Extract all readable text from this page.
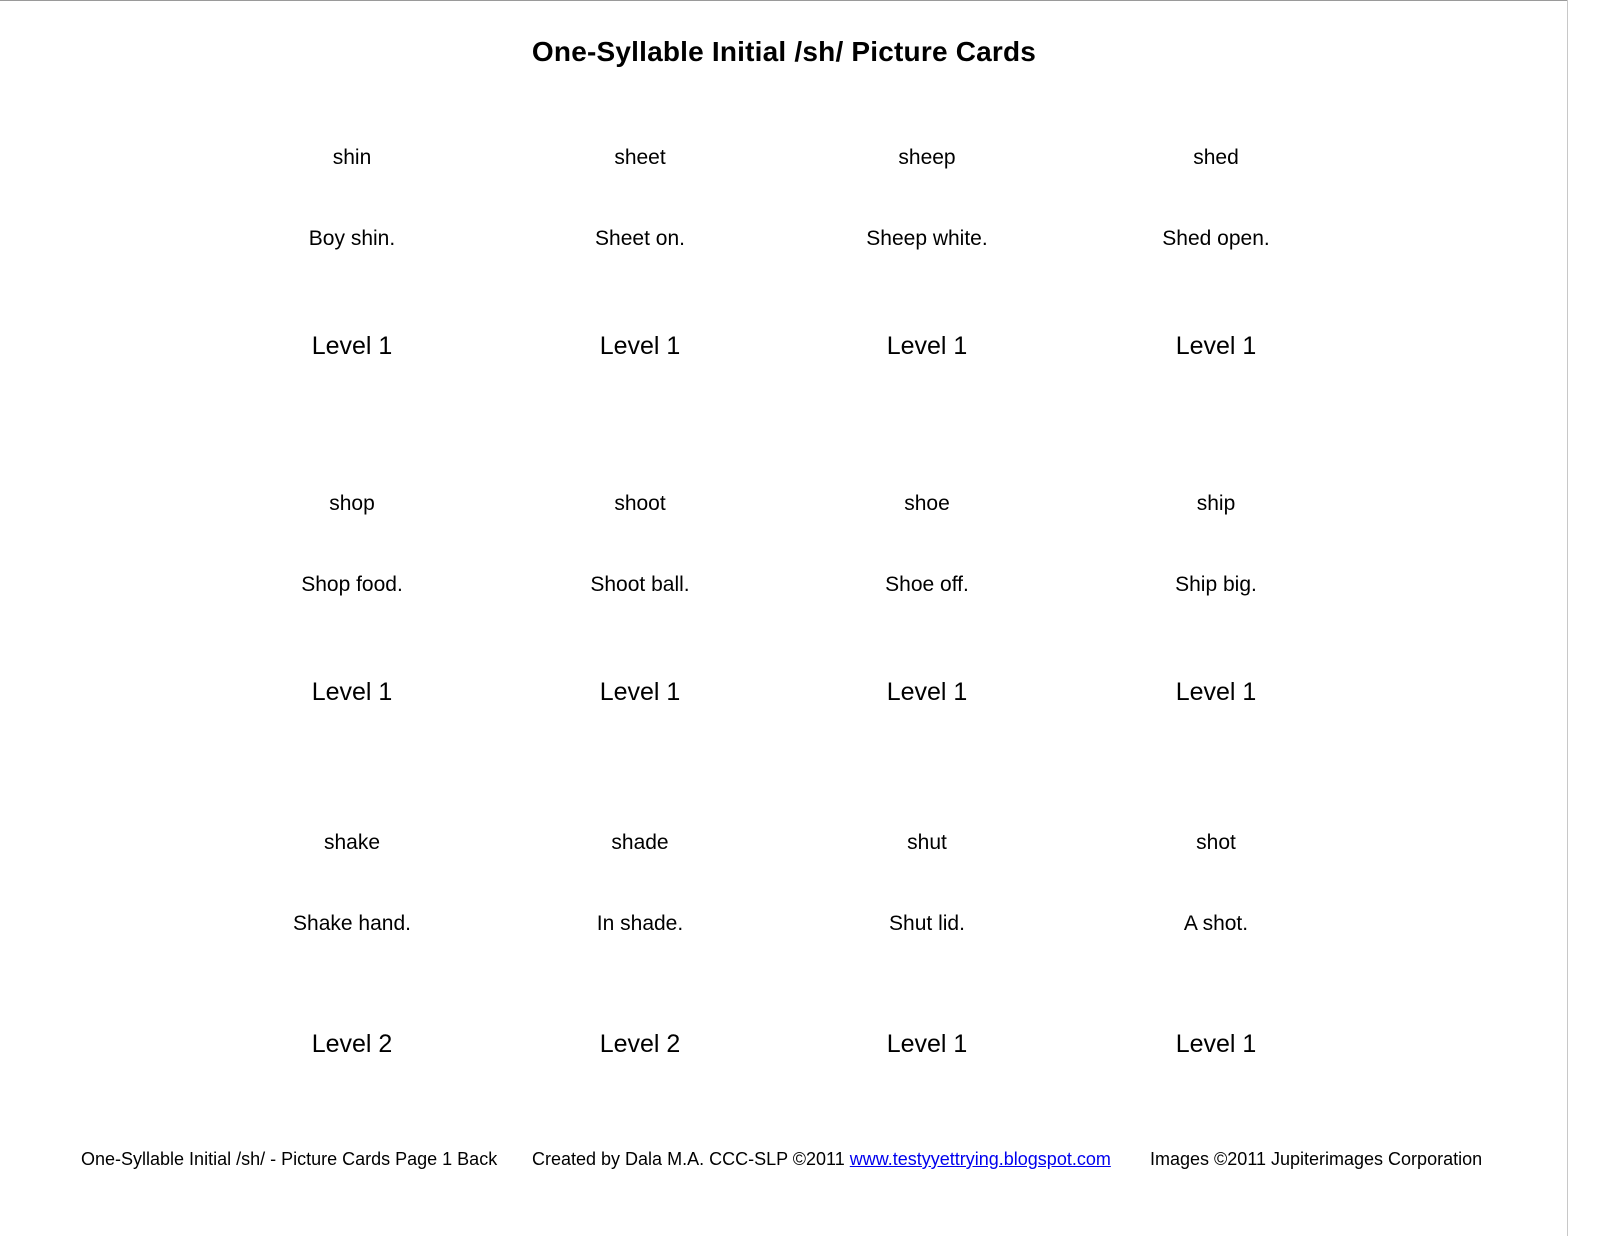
One-Syllable Initial /sh/ Picture Cards
shin
Boy shin.
Level 1
sheet
Sheet on.
Level 1
sheep
Sheep white.
Level 1
shed
Shed open.
Level 1
shop
Shop food.
Level 1
shoot
Shoot ball.
Level 1
shoe
Shoe off.
Level 1
ship
Ship big.
Level 1
shake
Shake hand.
Level 2
shade
In shade.
Level 2
shut
Shut lid.
Level 1
shot
A shot.
Level 1
One-Syllable Initial /sh/ - Picture Cards Page 1 Back Created by Dala M.A. CCC-SLP ©2011 www.testyyettrying.blogspot.com Images ©2011 Jupiterimages Corporation
